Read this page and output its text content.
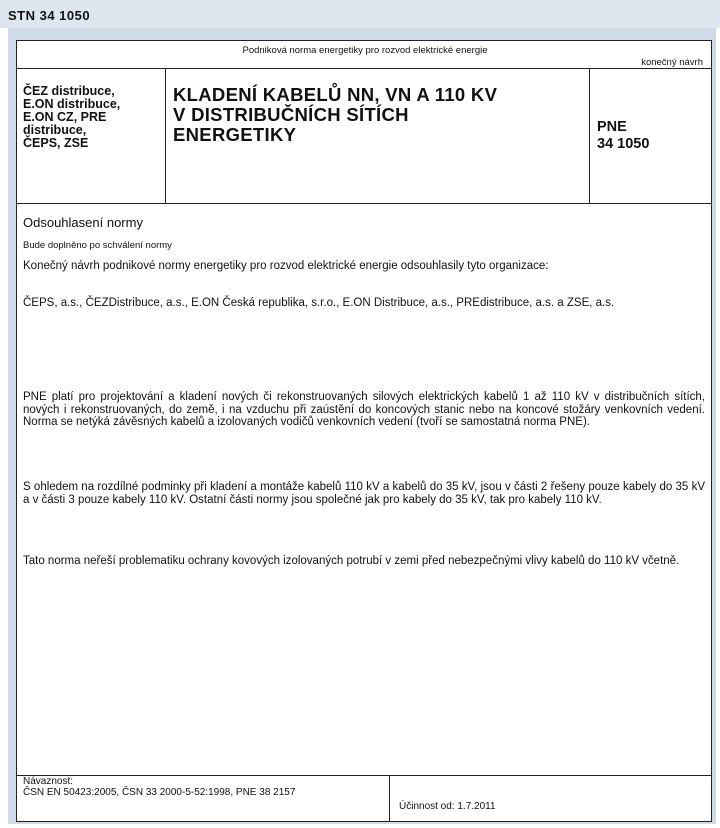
STN 34 1050
Podniková norma energetiky pro rozvod elektrické energie
konečný návrh
ČEZ distribuce,
E.ON distribuce,
E.ON CZ, PRE
distribuce,
ČEPS, ZSE
KLADENÍ KABELŮ NN, VN A 110 KV
V DISTRIBUČNÍCH SÍTÍCH
ENERGETIKY	PNE
34 1050
Odsouhlasení normy
Bude doplněno po schválení normy
Konečný návrh podnikové normy energetiky pro rozvod elektrické energie odsouhlasily tyto organizace:
ČEPS, a.s., ČEZDistribuce, a.s., E.ON Česká republika, s.r.o., E.ON Distribuce, a.s., PREdistribuce, a.s. a ZSE, a.s.
PNE platí pro projektování a kladení nových či rekonstruovaných silových elektrických kabelů 1 až 110 kV v distribučních sítích, nových i rekonstruovaných, do země, i na vzduchu při zaústění do koncových stanic nebo na koncové stožáry venkovních vedení. Norma se netýká závěsných kabelů a izolovaných vodičů venkovních vedení (tvoří se samostatná norma PNE).
S ohledem na rozdílné podminky při kladení a montáže kabelů 110 kV a kabelů do 35 kV, jsou v části 2 řešeny pouze kabely do 35 kV a v části 3 pouze kabely 110 kV. Ostatní části normy jsou společné jak pro kabely do 35 kV, tak pro kabely 110 kV.
Tato norma neřeší problematiku ochrany kovových izolovaných potrubí v zemi před nebezpečnými vlivy kabelů do 110 kV včetně.
Návaznost:
ČSN EN 50423:2005, ČSN 33 2000-5-52:1998, PNE 38 2157
Účinnost od: 1.7.2011
